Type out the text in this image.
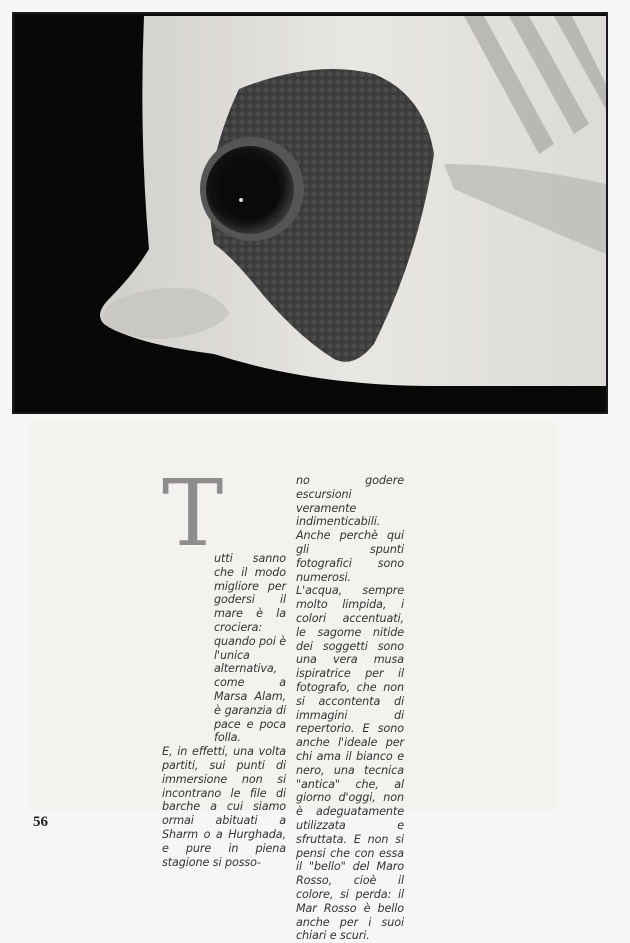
T

utti sanno che il modo migliore per godersi il mare è la crociera: quando poi è l'unica alternativa, come a Marsa Alam, è garanzia di pace e poca folla.

E, in effetti, una volta partiti, sui punti di immersione non si incontrano le file di barche a cui siamo ormai abituati a Sharm o a Hurghada, e pure in piena stagione si posso-

no godere escursioni veramente indimenticabili. Anche perchè qui gli spunti fotografici sono numerosi.

L'acqua, sempre molto limpida, i colori accentuati, le sagome nitide dei soggetti sono una vera musa ispiratrice per il fotografo, che non si accontenta di immagini di repertorio. E sono anche l'ideale per chi ama il bianco e nero, una tecnica "antica" che, al giorno d'oggi, non è adeguatamente utilizzata e sfruttata. E non si pensi che con essa il "bello" del Maro Rosso, cioè il colore, si perda: il Mar Rosso è bello anche per i suoi chiari e scuri.

56
